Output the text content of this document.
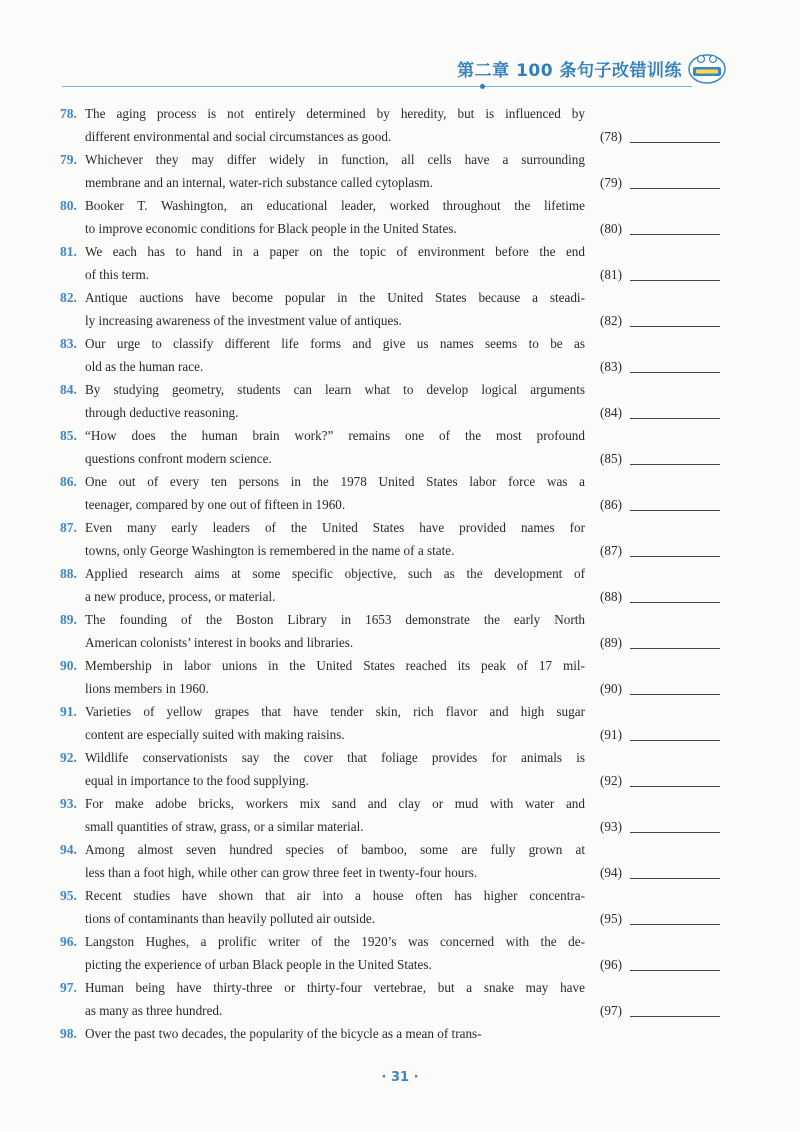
第二章 100 条句子改错训练
78. The aging process is not entirely determined by heredity, but is influenced by
different environmental and social circumstances as good.	(78)
79. Whichever they may differ widely in function, all cells have a surrounding
membrane and an internal, water-rich substance called cytoplasm.	(79)
80. Booker T. Washington, an educational leader, worked throughout the lifetime
to improve economic conditions for Black people in the United States.	(80)
81. We each has to hand in a paper on the topic of environment before the end
of this term.	(81)
82. Antique auctions have become popular in the United States because a steadi-
ly increasing awareness of the investment value of antiques.	(82)
83. Our urge to classify different life forms and give us names seems to be as
old as the human race.	(83)
84. By studying geometry, students can learn what to develop logical arguments
through deductive reasoning.	(84)
85. “How does the human brain work?” remains one of the most profound
questions confront modern science.	(85)
86. One out of every ten persons in the 1978 United States labor force was a
teenager, compared by one out of fifteen in 1960.	(86)
87. Even many early leaders of the United States have provided names for
towns, only George Washington is remembered in the name of a state.	(87)
88. Applied research aims at some specific objective, such as the development of
a new produce, process, or material.	(88)
89. The founding of the Boston Library in 1653 demonstrate the early North
American colonists’ interest in books and libraries.	(89)
90. Membership in labor unions in the United States reached its peak of 17 mil-
lions members in 1960.	(90)
91. Varieties of yellow grapes that have tender skin, rich flavor and high sugar
content are especially suited with making raisins.	(91)
92. Wildlife conservationists say the cover that foliage provides for animals is
equal in importance to the food supplying.	(92)
93. For make adobe bricks, workers mix sand and clay or mud with water and
small quantities of straw, grass, or a similar material.	(93)
94. Among almost seven hundred species of bamboo, some are fully grown at
less than a foot high, while other can grow three feet in twenty-four hours.	(94)
95. Recent studies have shown that air into a house often has higher concentra-
tions of contaminants than heavily polluted air outside.	(95)
96. Langston Hughes, a prolific writer of the 1920’s was concerned with the de-
picting the experience of urban Black people in the United States.	(96)
97. Human being have thirty-three or thirty-four vertebrae, but a snake may have
as many as three hundred.	(97)
98. Over the past two decades, the popularity of the bicycle as a mean of trans-
· 31 ·
